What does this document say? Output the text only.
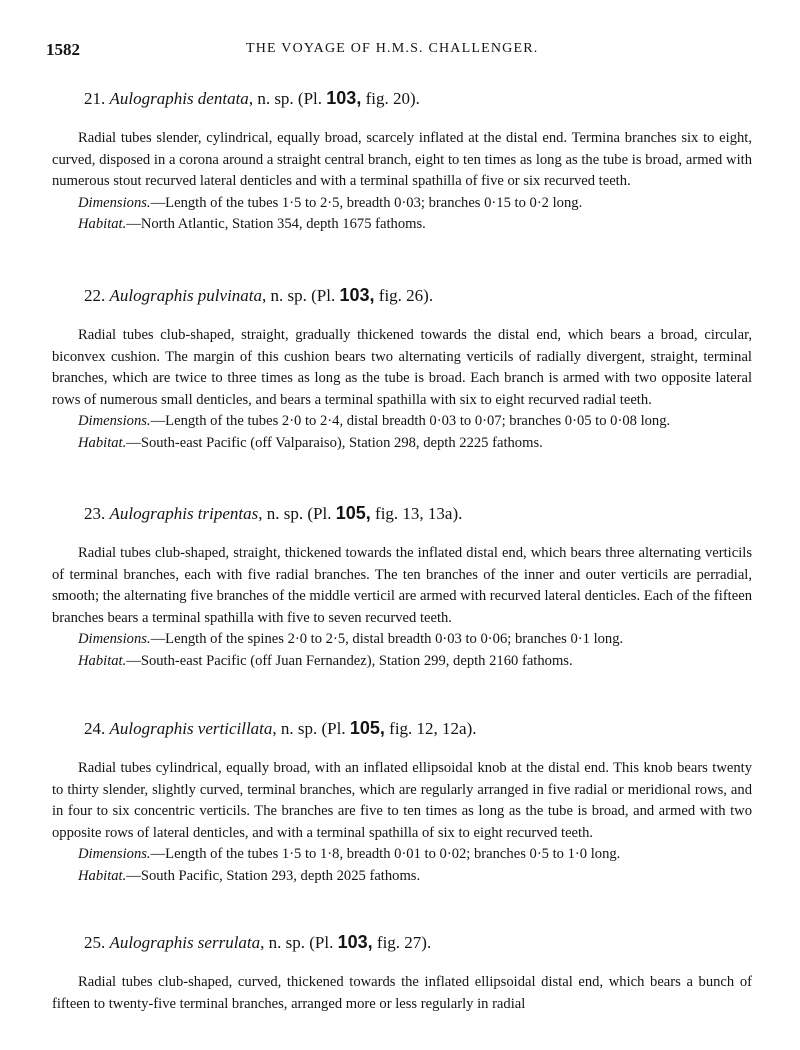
1582	THE VOYAGE OF H.M.S. CHALLENGER.
21. Aulographis dentata, n. sp. (Pl. 103, fig. 20).
Radial tubes slender, cylindrical, equally broad, scarcely inflated at the distal end. Termina branches six to eight, curved, disposed in a corona around a straight central branch, eight to ten times as long as the tube is broad, armed with numerous stout recurved lateral denticles and with a terminal spathilla of five or six recurved teeth.
Dimensions.—Length of the tubes 1·5 to 2·5, breadth 0·03; branches 0·15 to 0·2 long.
Habitat.—North Atlantic, Station 354, depth 1675 fathoms.
22. Aulographis pulvinata, n. sp. (Pl. 103, fig. 26).
Radial tubes club-shaped, straight, gradually thickened towards the distal end, which bears a broad, circular, biconvex cushion. The margin of this cushion bears two alternating verticils of radially divergent, straight, terminal branches, which are twice to three times as long as the tube is broad. Each branch is armed with two opposite lateral rows of numerous small denticles, and bears a terminal spathilla with six to eight recurved radial teeth.
Dimensions.—Length of the tubes 2·0 to 2·4, distal breadth 0·03 to 0·07; branches 0·05 to 0·08 long.
Habitat.—South-east Pacific (off Valparaiso), Station 298, depth 2225 fathoms.
23. Aulographis tripentas, n. sp. (Pl. 105, fig. 13, 13a).
Radial tubes club-shaped, straight, thickened towards the inflated distal end, which bears three alternating verticils of terminal branches, each with five radial branches. The ten branches of the inner and outer verticils are perradial, smooth; the alternating five branches of the middle verticil are armed with recurved lateral denticles. Each of the fifteen branches bears a terminal spathilla with five to seven recurved teeth.
Dimensions.—Length of the spines 2·0 to 2·5, distal breadth 0·03 to 0·06; branches 0·1 long.
Habitat.—South-east Pacific (off Juan Fernandez), Station 299, depth 2160 fathoms.
24. Aulographis verticillata, n. sp. (Pl. 105, fig. 12, 12a).
Radial tubes cylindrical, equally broad, with an inflated ellipsoidal knob at the distal end. This knob bears twenty to thirty slender, slightly curved, terminal branches, which are regularly arranged in five radial or meridional rows, and in four to six concentric verticils. The branches are five to ten times as long as the tube is broad, and armed with two opposite rows of lateral denticles, and with a terminal spathilla of six to eight recurved teeth.
Dimensions.—Length of the tubes 1·5 to 1·8, breadth 0·01 to 0·02; branches 0·5 to 1·0 long.
Habitat.—South Pacific, Station 293, depth 2025 fathoms.
25. Aulographis serrulata, n. sp. (Pl. 103, fig. 27).
Radial tubes club-shaped, curved, thickened towards the inflated ellipsoidal distal end, which bears a bunch of fifteen to twenty-five terminal branches, arranged more or less regularly in radial
